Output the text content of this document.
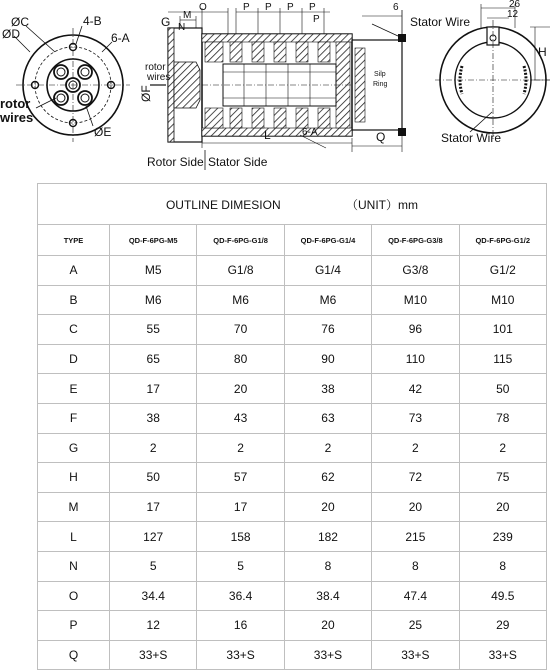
ØC	4-B
ØD	6-A
rotor
wires
ØE
G M
N
O	P P P P
P
6
Stator Wire
rotor
wires
ØF
Silp
Ring
L	6-A	Q
Rotor Side Stator Side
26
12
H
Stator Wire
OUTLINE DIMESION （UNIT）mm					
TYPE	QD-F-6PG-M5	QD-F-6PG-G1/8	QD-F-6PG-G1/4	QD-F-6PG-G3/8	QD-F-6PG-G1/2
A	M5	G1/8	G1/4	G3/8	G1/2
B	M6	M6	M6	M10	M10
C	55	70	76	96	101
D	65	80	90	110	115
E	17	20	38	42	50
F	38	43	63	73	78
G	2	2	2	2	2
H	50	57	62	72	75
M	17	17	20	20	20
L	127	158	182	215	239
N	5	5	8	8	8
O	34.4	36.4	38.4	47.4	49.5
P	12	16	20	25	29
Q	33+S	33+S	33+S	33+S	33+S
